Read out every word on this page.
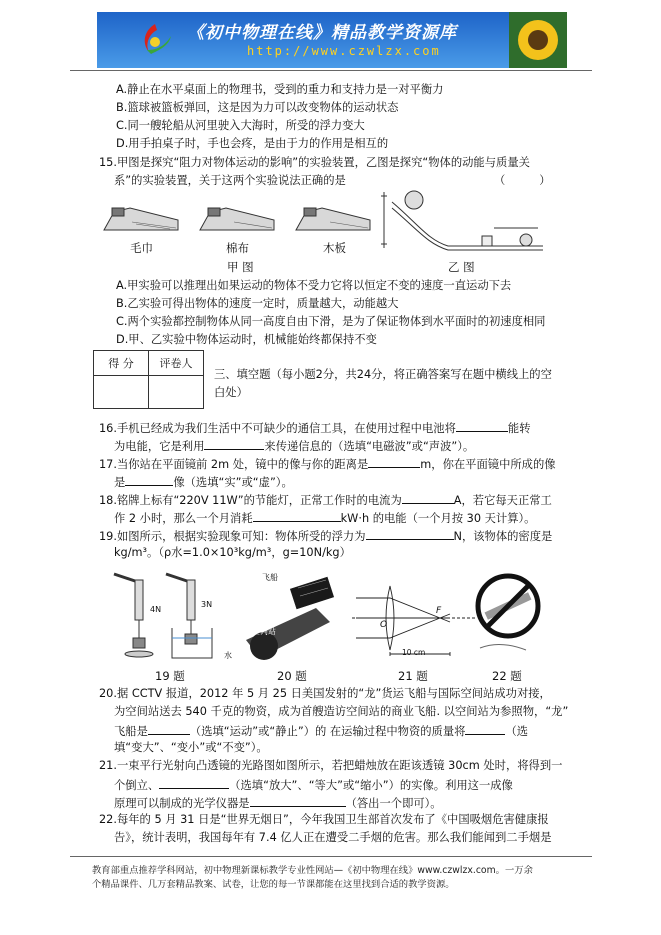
《初中物理在线》精品教学资源库
http://www.czwlzx.com
A.静止在水平桌面上的物理书，受到的重力和支持力是一对平衡力
B.篮球被篮板弹回，这是因为力可以改变物体的运动状态
C.同一艘轮船从河里驶入大海时，所受的浮力变大
D.用手拍桌子时，手也会疼，是由于力的作用是相互的
15.甲图是探究“阻力对物体运动的影响”的实验装置，乙图是探究“物体的动能与质量关
系”的实验装置，关于这两个实验说法正确的是	（　　　）
毛巾	棉布	木板
甲 图	乙 图
A.甲实验可以推理出如果运动的物体不受力它将以恒定不变的速度一直运动下去
B.乙实验可得出物体的速度一定时，质量越大，动能越大
C.两个实验都控制物体从同一高度自由下滑，是为了保证物体到水平面时的初速度相同
D.甲、乙实验中物体运动时，机械能始终都保持不变
得 分	评卷人

三、填空题（每小题2分，共24分，将正确答案写在题中横线上的空
白处）
16.手机已经成为我们生活中不可缺少的通信工具，在使用过程中电池将	能转
为电能，它是利用	来传递信息的（选填“电磁波”或“声波”）。
17.当你站在平面镜前 2m 处，镜中的像与你的距离是	m，你在平面镜中所成的像
是	像（选填“实”或“虚”）。
18.铭牌上标有“220V 11W”的节能灯，正常工作时的电流为	A，若它每天正常工
作 2 小时，那么一个月消耗	kW·h 的电能（一个月按 30 天计算）。
19.如图所示，根据实验现象可知：物体所受的浮力为	N，该物体的密度是
kg/m³。（ρ水=1.0×10³kg/m³，g=10N/kg）
4N
3N
水
飞船
空间站
F
O
10 cm
19 题	20 题	21 题	22 题
20.据 CCTV 报道，2012 年 5 月 25 日美国发射的“龙”货运飞船与国际空间站成功对接，
为空间站送去 540 千克的物资，成为首艘造访空间站的商业飞船. 以空间站为参照物，“龙”
飞船是	（选填“运动”或“静止”）的 在运输过程中物资的质量将	（选
填“变大”、“变小”或“不变”）。
21.一束平行光射向凸透镜的光路图如图所示，若把蜡烛放在距该透镜 30cm 处时，将得到一
个倒立、	（选填“放大”、“等大”或“缩小”）的实像。利用这一成像
原理可以制成的光学仪器是	（答出一个即可）。
22.每年的 5 月 31 日是“世界无烟日”，今年我国卫生部首次发布了《中国吸烟危害健康报
告》，统计表明，我国每年有 7.4 亿人正在遭受二手烟的危害。那么我们能闻到二手烟是
教育部重点推荐学科网站，初中物理新课标教学专业性网站—《初中物理在线》www.czwlzx.com。一万余
个精品课件、几万套精品教案、试卷，让您的每一节课都能在这里找到合适的教学资源。
